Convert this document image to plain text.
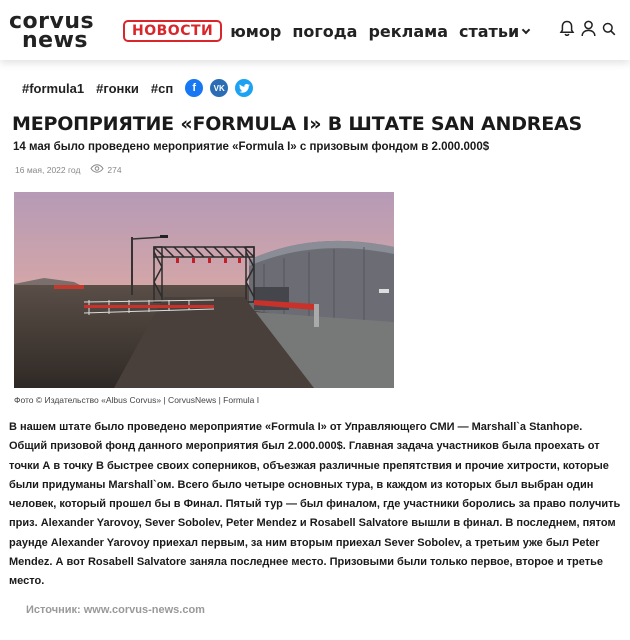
corvus
news	НОВОСТИ	юмор погода реклама статьи
#formula1 #гонки #сп	f	VK
МЕРОПРИЯТИЕ «FORMULA I» В ШТАТЕ SAN ANDREAS
14 мая было проведено мероприятие «Formula I» с призовым фондом в 2.000.000$
16 мая, 2022 год	274
Фото © Издательство «Albus Corvus» | CorvusNews | Formula I
В нашем штате было проведено мероприятие «Formula I» от Управляющего СМИ — Marshall`a Stanhope. Общий призовой фонд данного мероприятия был 2.000.000$. Главная задача участников была проехать от точки А в точку В быстрее своих соперников, объезжая различные препятствия и прочие хитрости, которые были придуманы Marshall`ом. Всего было четыре основных тура, в каждом из которых был выбран один человек, который прошел бы в Финал. Пятый тур — был финалом, где участники боролись за право получить приз. Alexander Yarovoy, Sever Sobolev, Peter Mendez и Rosabell Salvatore вышли в финал. В последнем, пятом раунде Alexander Yarovoy приехал первым, за ним вторым приехал Sever Sobolev, а третьим уже был Peter Mendez. А вот Rosabell Salvatore заняла последнее место. Призовыми были только первое, второе и третье место.
Источник: www.corvus-news.com
